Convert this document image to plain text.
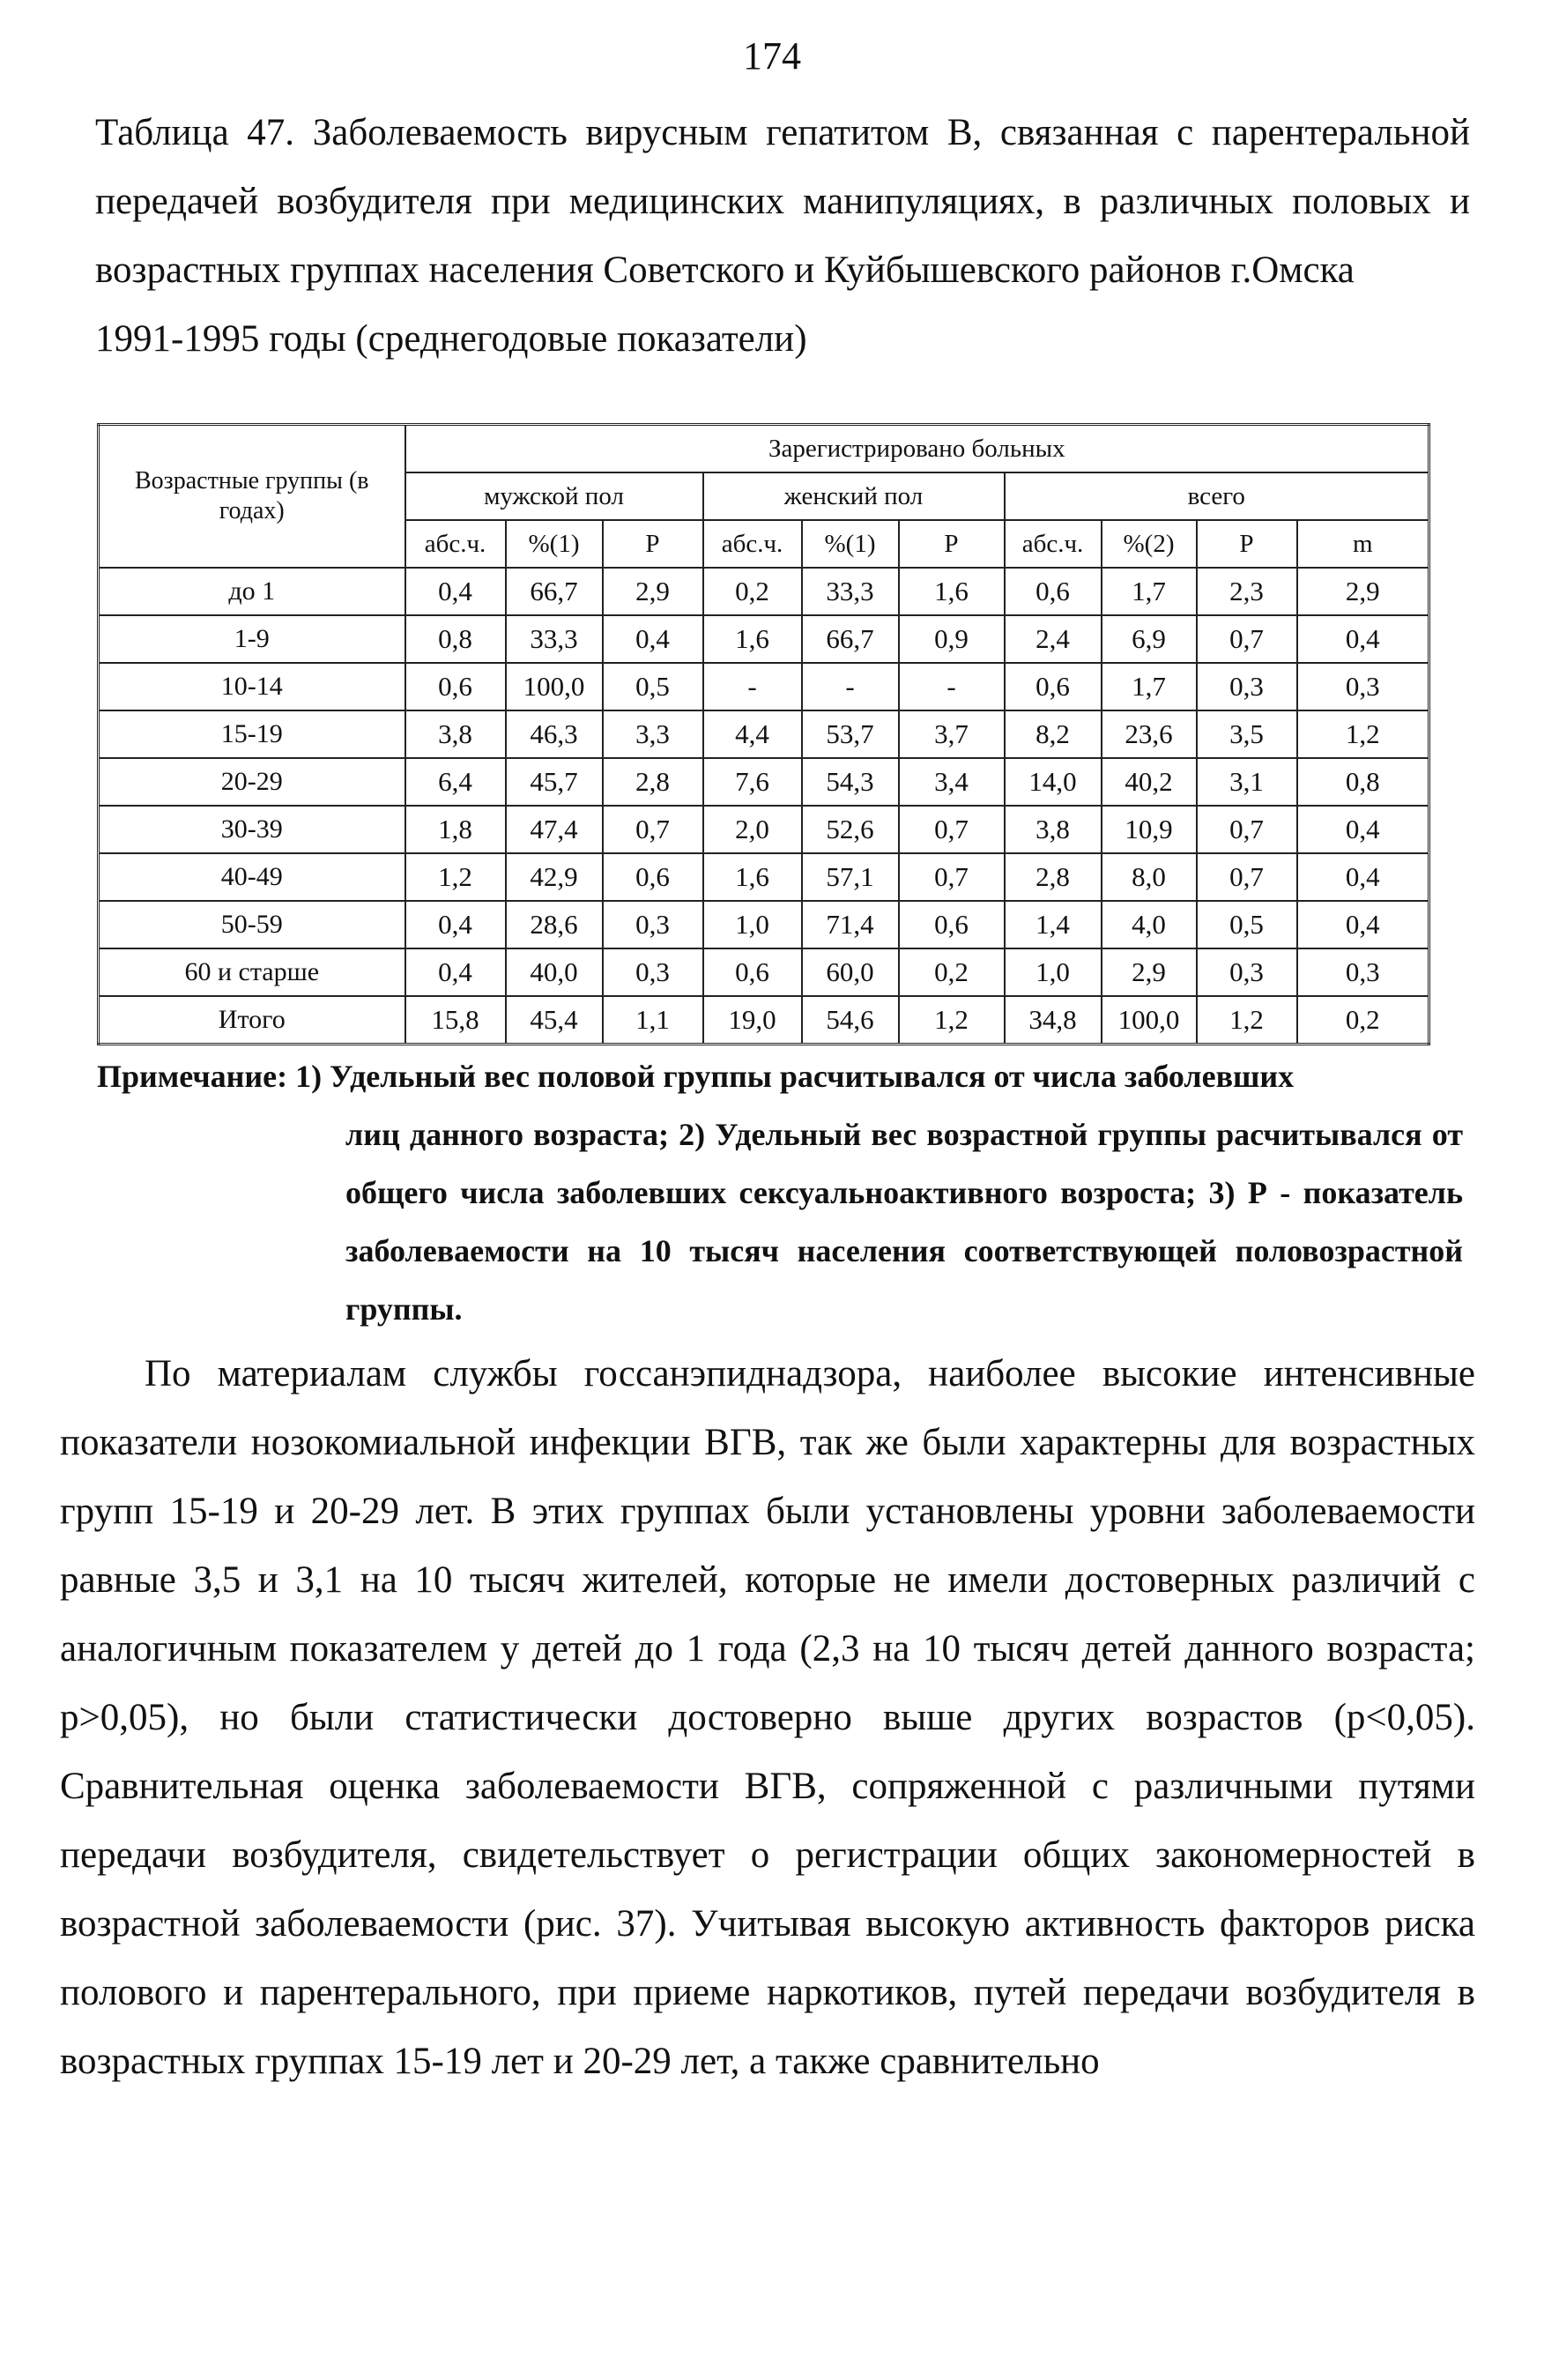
174
Таблица 47. Заболеваемость вирусным гепатитом В, связанная с парентеральной передачей возбудителя при медицинских манипуляциях, в различных половых и возрастных группах населения Советского и Куйбышевского районов г.Омска
1991-1995 годы (среднегодовые показатели)
Возрастные группы (в годах)	Зарегистрировано больных									
	мужской пол			женский пол			всего			
	абс.ч.	%(1)	P	абс.ч.	%(1)	P	абс.ч.	%(2)	P	m
до 1	0,4	66,7	2,9	0,2	33,3	1,6	0,6	1,7	2,3	2,9
1-9	0,8	33,3	0,4	1,6	66,7	0,9	2,4	6,9	0,7	0,4
10-14	0,6	100,0	0,5	-	-	-	0,6	1,7	0,3	0,3
15-19	3,8	46,3	3,3	4,4	53,7	3,7	8,2	23,6	3,5	1,2
20-29	6,4	45,7	2,8	7,6	54,3	3,4	14,0	40,2	3,1	0,8
30-39	1,8	47,4	0,7	2,0	52,6	0,7	3,8	10,9	0,7	0,4
40-49	1,2	42,9	0,6	1,6	57,1	0,7	2,8	8,0	0,7	0,4
50-59	0,4	28,6	0,3	1,0	71,4	0,6	1,4	4,0	0,5	0,4
60 и старше	0,4	40,0	0,3	0,6	60,0	0,2	1,0	2,9	0,3	0,3
Итого	15,8	45,4	1,1	19,0	54,6	1,2	34,8	100,0	1,2	0,2
Примечание: 1) Удельный вес половой группы расчитывался от числа заболевших
лиц данного возраста; 2) Удельный вес возрастной группы расчитывался от общего числа заболевших сексуальноактивного возроста; 3) Р - показатель заболеваемости на 10 тысяч населения соответствующей половозрастной группы.
По материалам службы госсанэпиднадзора, наиболее высокие интенсивные показатели нозокомиальной инфекции ВГВ, так же были характерны для возрастных групп 15-19 и 20-29 лет. В этих группах были установлены уровни заболеваемости равные 3,5 и 3,1 на 10 тысяч жителей, которые не имели достоверных различий с аналогичным показателем у детей до 1 года (2,3 на 10 тысяч детей данного возраста; p>0,05), но были статистически достоверно выше других возрастов (p<0,05). Сравнительная оценка заболеваемости ВГВ, сопряженной с различными путями передачи возбудителя, свидетельствует о регистрации общих закономерностей в возрастной заболеваемости (рис. 37). Учитывая высокую активность факторов риска полового и парентерального, при приеме наркотиков, путей передачи возбудителя в возрастных группах 15-19 лет и 20-29 лет, а также сравнительно
